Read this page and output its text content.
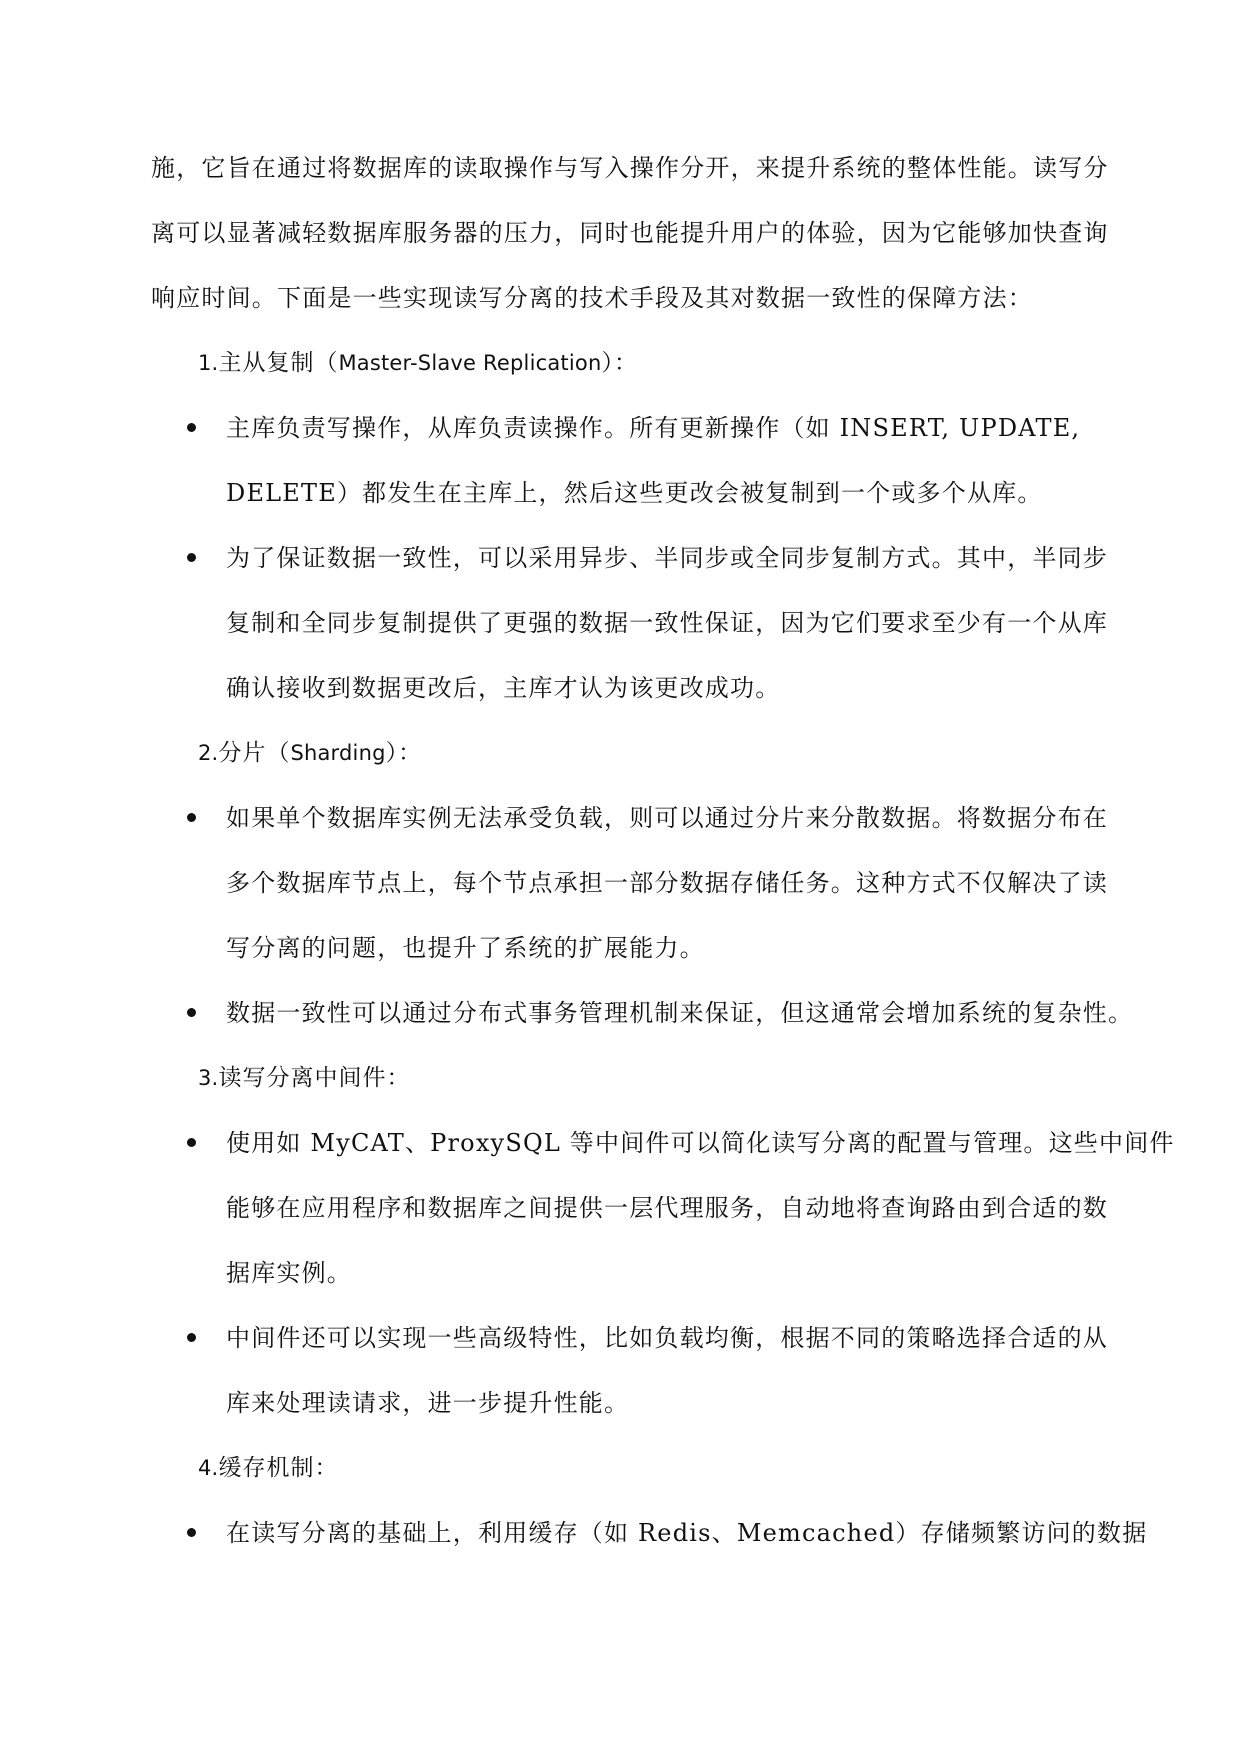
施，它旨在通过将数据库的读取操作与写入操作分开，来提升系统的整体性能。读写分
离可以显著减轻数据库服务器的压力，同时也能提升用户的体验，因为它能够加快查询
响应时间。下面是一些实现读写分离的技术手段及其对数据一致性的保障方法：
1.主从复制（Master-Slave Replication）：
主库负责写操作，从库负责读操作。所有更新操作（如 INSERT, UPDATE,
DELETE）都发生在主库上，然后这些更改会被复制到一个或多个从库。
为了保证数据一致性，可以采用异步、半同步或全同步复制方式。其中，半同步
复制和全同步复制提供了更强的数据一致性保证，因为它们要求至少有一个从库
确认接收到数据更改后，主库才认为该更改成功。
2.分片（Sharding）：
如果单个数据库实例无法承受负载，则可以通过分片来分散数据。将数据分布在
多个数据库节点上，每个节点承担一部分数据存储任务。这种方式不仅解决了读
写分离的问题，也提升了系统的扩展能力。
数据一致性可以通过分布式事务管理机制来保证，但这通常会增加系统的复杂性。
3.读写分离中间件：
使用如 MyCAT、ProxySQL 等中间件可以简化读写分离的配置与管理。这些中间件
能够在应用程序和数据库之间提供一层代理服务，自动地将查询路由到合适的数
据库实例。
中间件还可以实现一些高级特性，比如负载均衡，根据不同的策略选择合适的从
库来处理读请求，进一步提升性能。
4.缓存机制：
在读写分离的基础上，利用缓存（如 Redis、Memcached）存储频繁访问的数据
